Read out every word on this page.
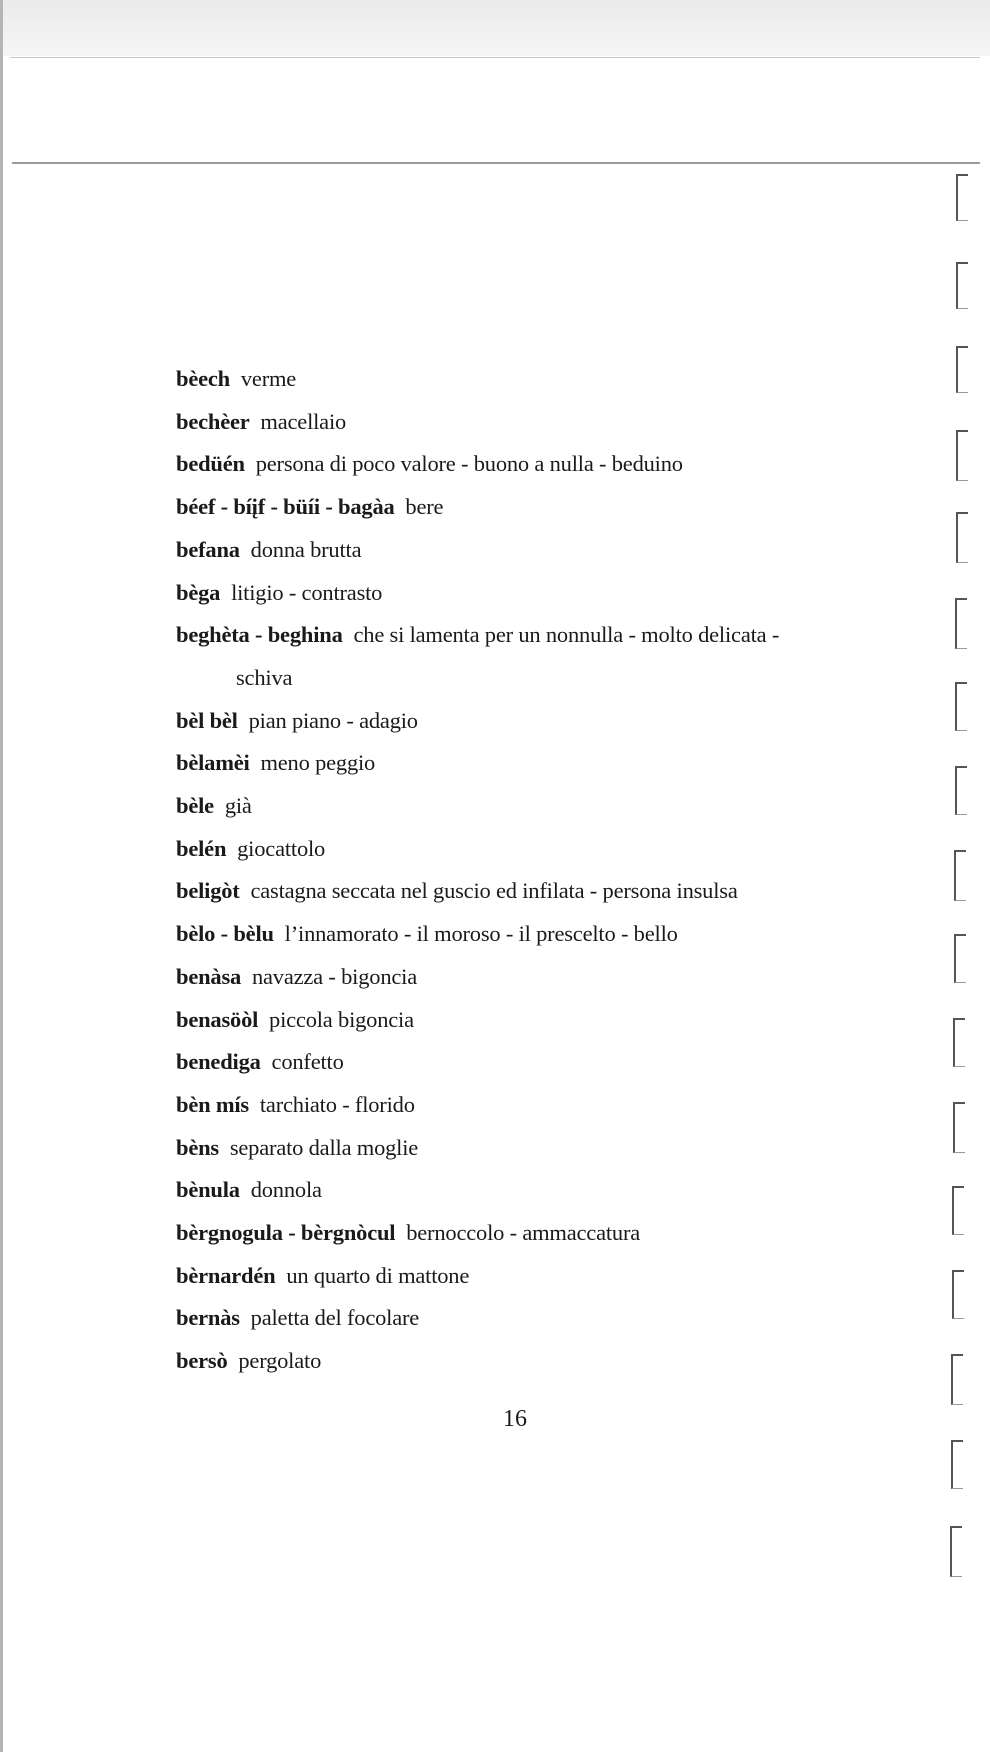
bèech verme
bechèer macellaio
bedüén persona di poco valore - buono a nulla - beduino
béef - bíįf - büíi - bagàa bere
befana donna brutta
bèga litigio - contrasto
beghèta - beghina che si lamenta per un nonnulla - molto delicata -
schiva
bèl bèl pian piano - adagio
bèlamèi meno peggio
bèle già
belén giocattolo
beligòt castagna seccata nel guscio ed infilata - persona insulsa
bèlo - bèlu l’innamorato - il moroso - il prescelto - bello
benàsa navazza - bigoncia
benasöòl piccola bigoncia
benediga confetto
bèn mís tarchiato - florido
bèns separato dalla moglie
bènula donnola
bèrgnogula - bèrgnòcul bernoccolo - ammaccatura
bèrnardén un quarto di mattone
bernàs paletta del focolare
bersò pergolato
16
